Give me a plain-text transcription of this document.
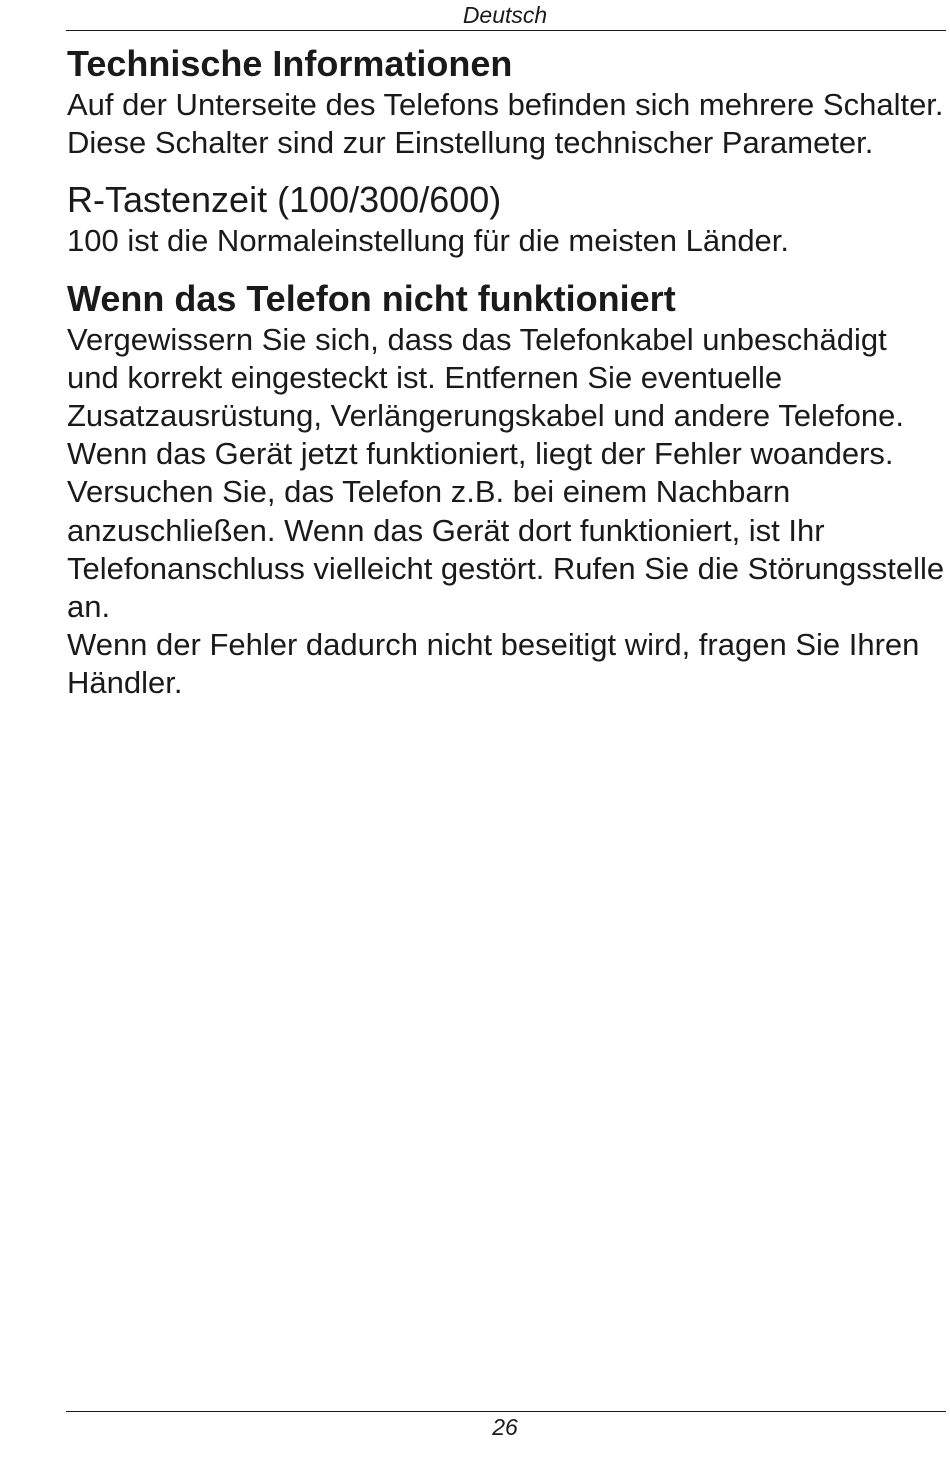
Deutsch
Technische Informationen

Auf der Unterseite des Telefons befinden sich mehrere Schalter.

Diese Schalter sind zur Einstellung technischer Parameter.

R-Tastenzeit (100/300/600)

100 ist die Normaleinstellung für die meisten Länder.

Wenn das Telefon nicht funktioniert

Vergewissern Sie sich, dass das Telefonkabel unbeschädigt und korrekt eingesteckt ist. Entfernen Sie eventuelle Zusatzausrüstung, Verlängerungskabel und andere Telefone. Wenn das Gerät jetzt funktioniert, liegt der Fehler woanders.

Versuchen Sie, das Telefon z.B. bei einem Nachbarn anzuschließen. Wenn das Gerät dort funktioniert, ist Ihr Telefonanschluss vielleicht gestört. Rufen Sie die Störungsstelle an.

Wenn der Fehler dadurch nicht beseitigt wird, fragen Sie Ihren Händler.

26
